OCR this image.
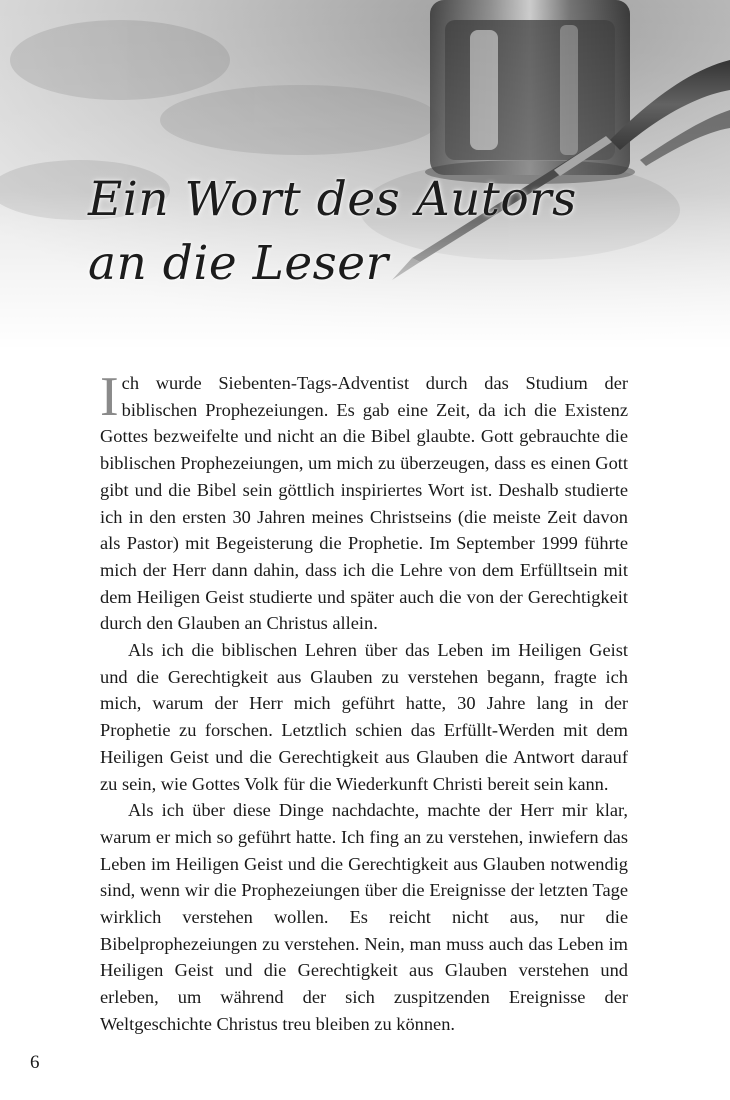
Ein Wort des Autors
an die Leser

Ich wurde Siebenten-Tags-Adventist durch das Studium der biblischen Prophezeiungen. Es gab eine Zeit, da ich die Existenz Gottes bezweifelte und nicht an die Bibel glaubte. Gott gebrauchte die biblischen Prophezeiungen, um mich zu überzeugen, dass es einen Gott gibt und die Bibel sein göttlich inspiriertes Wort ist. Deshalb studierte ich in den ersten 30 Jahren meines Christseins (die meiste Zeit davon als Pastor) mit Begeisterung die Prophetie. Im September 1999 führte mich der Herr dann dahin, dass ich die Lehre von dem Erfülltsein mit dem Heiligen Geist studierte und später auch die von der Gerechtigkeit durch den Glauben an Christus allein.

Als ich die biblischen Lehren über das Leben im Heiligen Geist und die Gerechtigkeit aus Glauben zu verstehen begann, fragte ich mich, warum der Herr mich geführt hatte, 30 Jahre lang in der Prophetie zu forschen. Letztlich schien das Erfüllt-Werden mit dem Heiligen Geist und die Gerechtigkeit aus Glauben die Antwort darauf zu sein, wie Gottes Volk für die Wiederkunft Christi bereit sein kann.

Als ich über diese Dinge nachdachte, machte der Herr mir klar, warum er mich so geführt hatte. Ich fing an zu verstehen, inwiefern das Leben im Heiligen Geist und die Gerechtigkeit aus Glauben notwendig sind, wenn wir die Prophezeiungen über die Ereignisse der letzten Tage wirklich verstehen wollen. Es reicht nicht aus, nur die Bibelprophezeiungen zu verstehen. Nein, man muss auch das Leben im Heiligen Geist und die Gerechtigkeit aus Glauben verstehen und erleben, um während der sich zuspitzenden Ereignisse der Weltgeschichte Christus treu bleiben zu können.

6
